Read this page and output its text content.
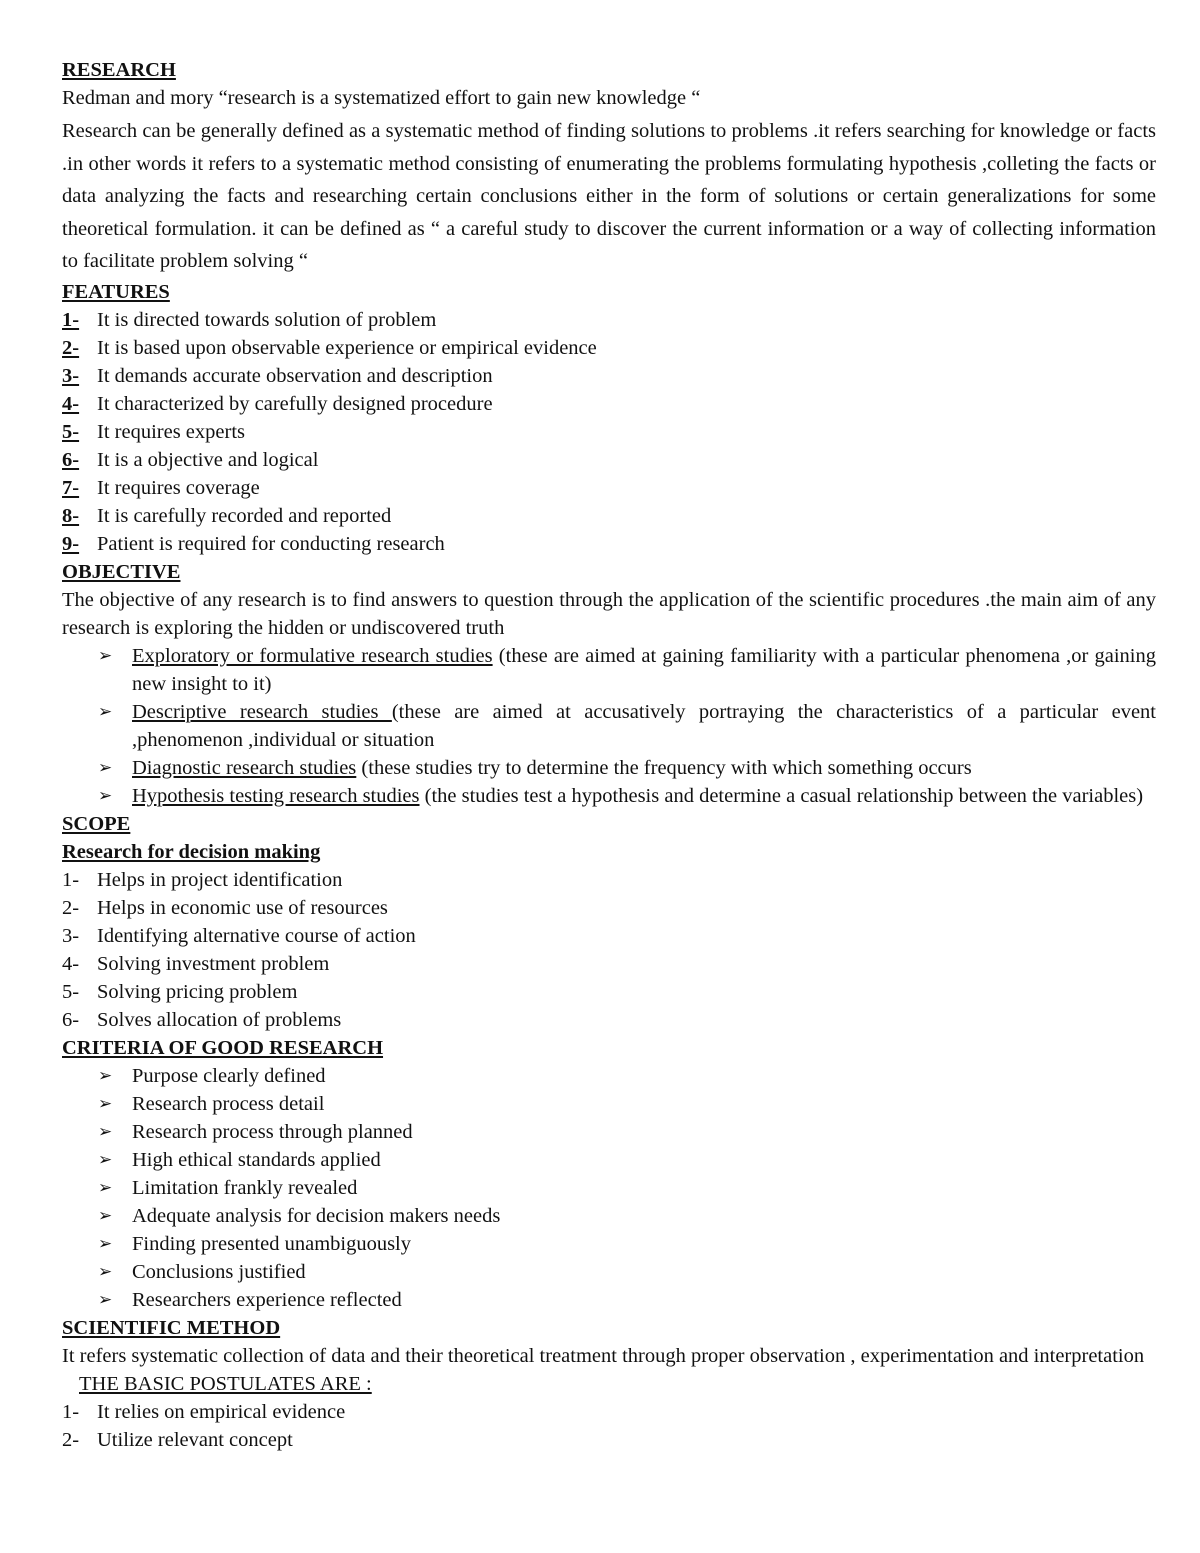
RESEARCH
Redman and mory “research is a systematized effort to gain new knowledge “
Research can be generally defined as a systematic method of finding solutions to problems .it refers searching for knowledge or facts .in other words it refers to a systematic method consisting of enumerating the problems formulating hypothesis ,colleting the facts or data analyzing the facts and researching certain conclusions either in the form of solutions or certain generalizations for some theoretical formulation. it can be defined as “ a careful study to discover the current information or a way of collecting information to facilitate problem solving “
FEATURES
1- It is directed towards solution of problem
2- It is based upon observable experience or empirical evidence
3- It demands accurate observation and description
4- It characterized by carefully designed procedure
5- It requires experts
6- It is a objective and logical
7- It requires coverage
8- It is carefully recorded and reported
9- Patient is required for conducting research
OBJECTIVE
The objective of any research is to find answers to question through the application of the scientific procedures .the main aim of any research is exploring the hidden or undiscovered truth
➢ Exploratory or formulative research studies (these are aimed at gaining familiarity with a particular phenomena ,or gaining new insight to it)
➢ Descriptive research studies (these are aimed at accusatively portraying the characteristics of a particular event ,phenomenon ,individual or situation
➢ Diagnostic research studies (these studies try to determine the frequency with which something occurs
➢ Hypothesis testing research studies (the studies test a hypothesis and determine a casual relationship between the variables)
SCOPE
Research for decision making
1- Helps in project identification
2- Helps in economic use of resources
3- Identifying alternative course of action
4- Solving investment problem
5- Solving pricing problem
6- Solves allocation of problems
CRITERIA OF GOOD RESEARCH
➢ Purpose clearly defined
➢ Research process detail
➢ Research process through planned
➢ High ethical standards applied
➢ Limitation frankly revealed
➢ Adequate analysis for decision makers needs
➢ Finding presented unambiguously
➢ Conclusions justified
➢ Researchers experience reflected
SCIENTIFIC METHOD
It refers systematic collection of data and their theoretical treatment through proper observation , experimentation and interpretation
THE BASIC POSTULATES ARE :
1- It relies on empirical evidence
2- Utilize relevant concept
